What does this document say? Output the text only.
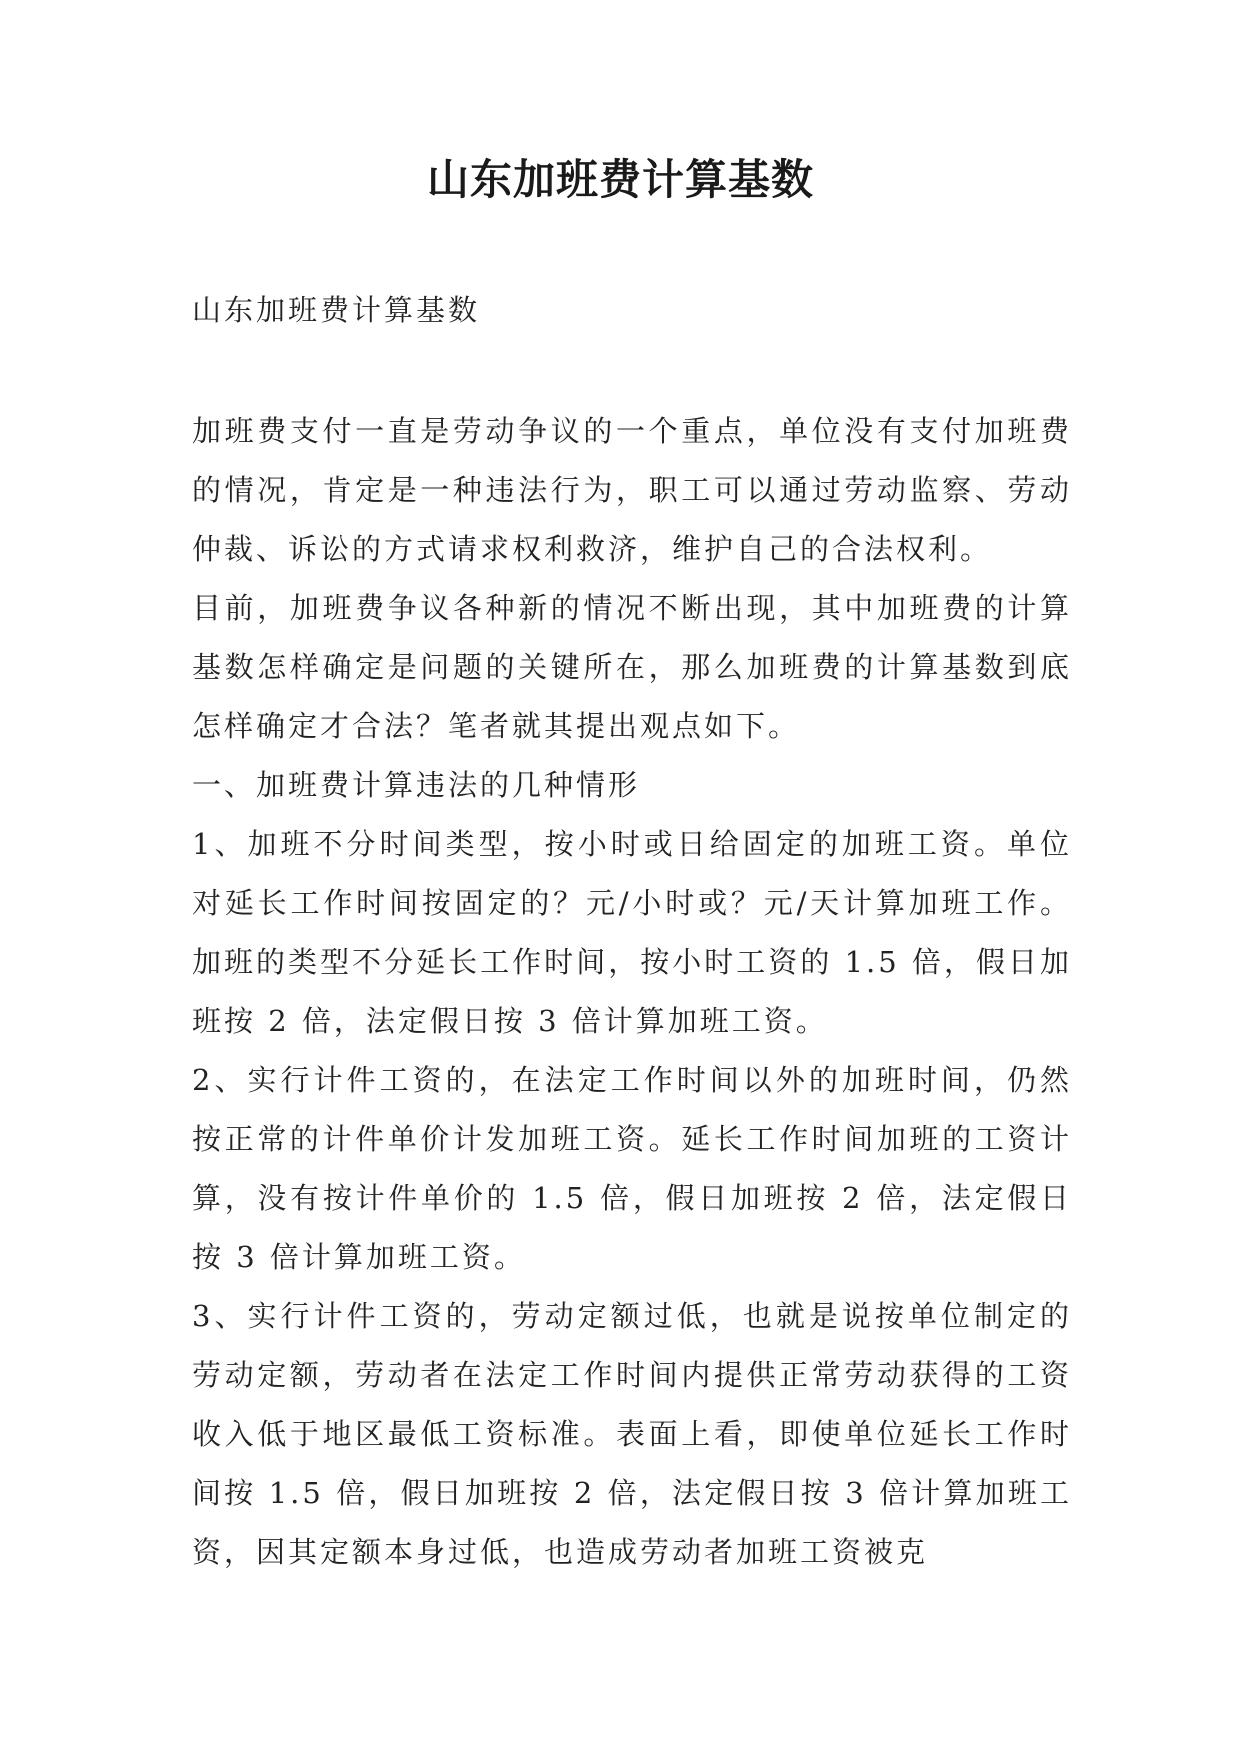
山东加班费计算基数

山东加班费计算基数

加班费支付一直是劳动争议的一个重点，单位没有支付加班费的情况，肯定是一种违法行为，职工可以通过劳动监察、劳动仲裁、诉讼的方式请求权利救济，维护自己的合法权利。

目前，加班费争议各种新的情况不断出现，其中加班费的计算基数怎样确定是问题的关键所在，那么加班费的计算基数到底怎样确定才合法？笔者就其提出观点如下。

一、加班费计算违法的几种情形

1、加班不分时间类型，按小时或日给固定的加班工资。单位对延长工作时间按固定的？元/小时或？元/天计算加班工作。加班的类型不分延长工作时间，按小时工资的 1.5 倍，假日加班按 2 倍，法定假日按 3 倍计算加班工资。

2、实行计件工资的，在法定工作时间以外的加班时间，仍然按正常的计件单价计发加班工资。延长工作时间加班的工资计算，没有按计件单价的 1.5 倍，假日加班按 2 倍，法定假日按 3 倍计算加班工资。

3、实行计件工资的，劳动定额过低，也就是说按单位制定的劳动定额，劳动者在法定工作时间内提供正常劳动获得的工资收入低于地区最低工资标准。表面上看，即使单位延长工作时间按 1.5 倍，假日加班按 2 倍，法定假日按 3 倍计算加班工资，因其定额本身过低，也造成劳动者加班工资被克
